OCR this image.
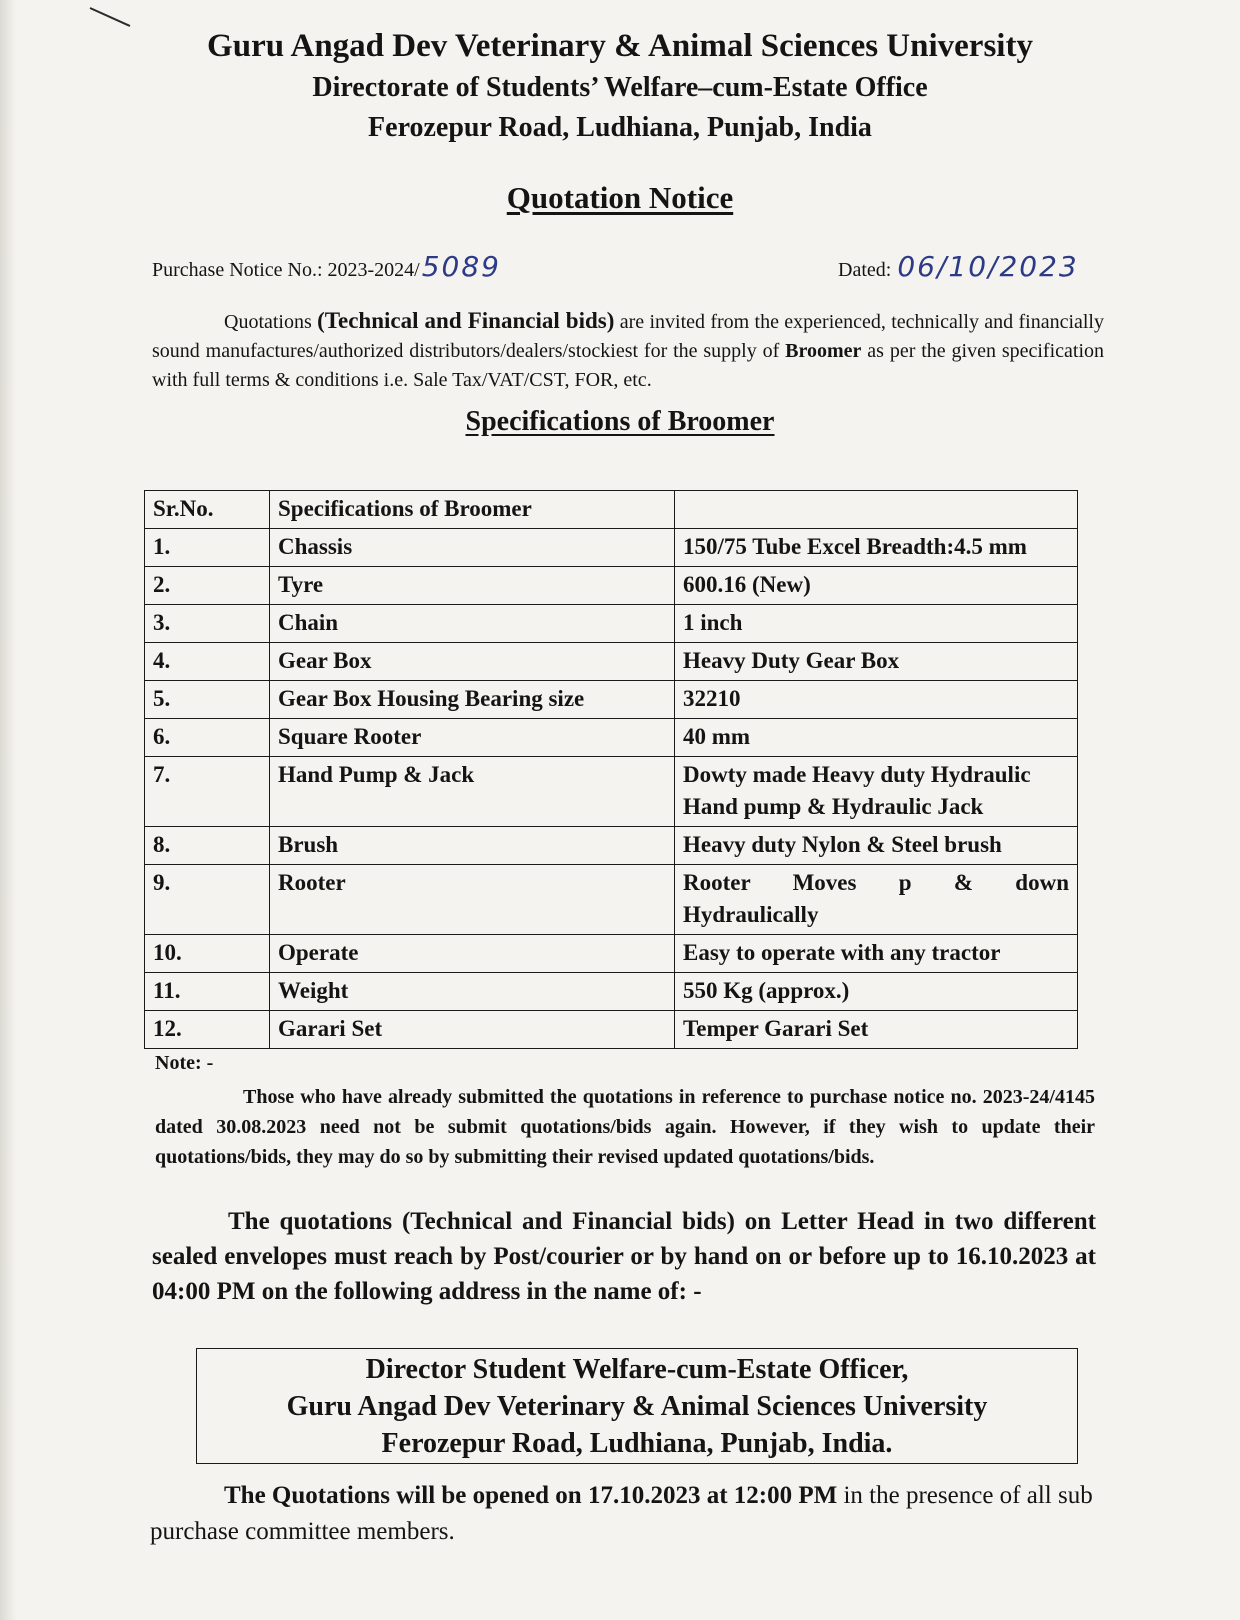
Guru Angad Dev Veterinary & Animal Sciences University
Directorate of Students’ Welfare–cum-Estate Office
Ferozepur Road, Ludhiana, Punjab, India
Quotation Notice
Purchase Notice No.: 2023-2024/5089	Dated: 06/10/2023
Quotations (Technical and Financial bids) are invited from the experienced, technically and financially sound manufactures/authorized distributors/dealers/stockiest for the supply of Broomer as per the given specification with full terms & conditions i.e. Sale Tax/VAT/CST, FOR, etc.
Specifications of Broomer
Sr.No.	Specifications of Broomer	
1.	Chassis	150/75 Tube Excel Breadth:4.5 mm
2.	Tyre	600.16 (New)
3.	Chain	1 inch
4.	Gear Box	Heavy Duty Gear Box
5.	Gear Box Housing Bearing size	32210
6.	Square Rooter	40 mm
7.	Hand Pump & Jack	Dowty made Heavy duty Hydraulic Hand pump & Hydraulic Jack
8.	Brush	Heavy duty Nylon & Steel brush
9.	Rooter	Rooter Moves p & down
Hydraulically

10.	Operate	Easy to operate with any tractor
11.	Weight	550 Kg (approx.)
12.	Garari Set	Temper Garari Set
Note: -
Those who have already submitted the quotations in reference to purchase notice no. 2023-24/4145 dated 30.08.2023 need not be submit quotations/bids again. However, if they wish to update their quotations/bids, they may do so by submitting their revised updated quotations/bids.
The quotations (Technical and Financial bids) on Letter Head in two different sealed envelopes must reach by Post/courier or by hand on or before up to 16.10.2023 at 04:00 PM on the following address in the name of: -
Director Student Welfare-cum-Estate Officer,
Guru Angad Dev Veterinary & Animal Sciences University
Ferozepur Road, Ludhiana, Punjab, India.
The Quotations will be opened on 17.10.2023 at 12:00 PM in the presence of all sub purchase committee members.
